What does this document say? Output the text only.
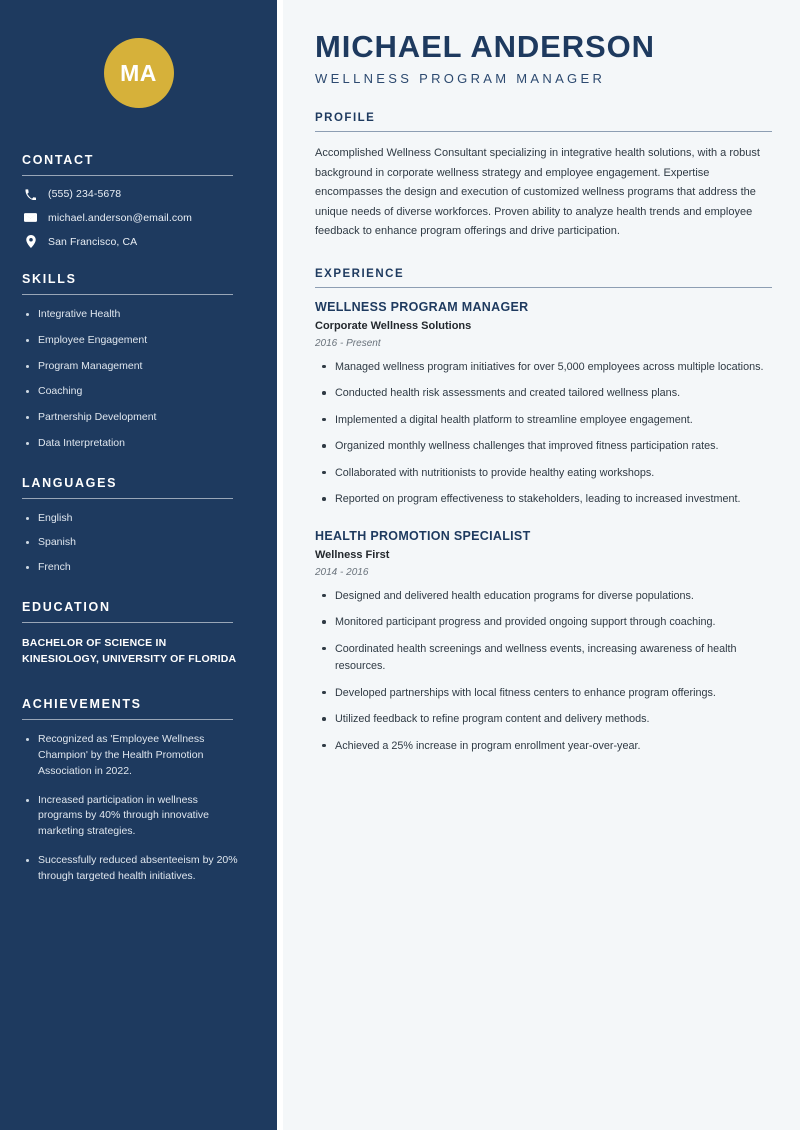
MA
CONTACT
(555) 234-5678
michael.anderson@email.com
San Francisco, CA
SKILLS
Integrative Health
Employee Engagement
Program Management
Coaching
Partnership Development
Data Interpretation
LANGUAGES
English
Spanish
French
EDUCATION
BACHELOR OF SCIENCE IN
KINESIOLOGY, UNIVERSITY OF FLORIDA
ACHIEVEMENTS
Recognized as 'Employee Wellness Champion' by the Health Promotion Association in 2022.
Increased participation in wellness programs by 40% through innovative marketing strategies.
Successfully reduced absenteeism by 20% through targeted health initiatives.
MICHAEL ANDERSON
WELLNESS PROGRAM MANAGER
PROFILE

Accomplished Wellness Consultant specializing in integrative health solutions, with a robust background in corporate wellness strategy and employee engagement. Expertise encompasses the design and execution of customized wellness programs that address the unique needs of diverse workforces. Proven ability to analyze health trends and employee feedback to enhance program offerings and drive participation.

EXPERIENCE
WELLNESS PROGRAM MANAGER
Corporate Wellness Solutions
2016 - Present
Managed wellness program initiatives for over 5,000 employees across multiple locations.
Conducted health risk assessments and created tailored wellness plans.
Implemented a digital health platform to streamline employee engagement.
Organized monthly wellness challenges that improved fitness participation rates.
Collaborated with nutritionists to provide healthy eating workshops.
Reported on program effectiveness to stakeholders, leading to increased investment.
HEALTH PROMOTION SPECIALIST
Wellness First
2014 - 2016
Designed and delivered health education programs for diverse populations.
Monitored participant progress and provided ongoing support through coaching.
Coordinated health screenings and wellness events, increasing awareness of health resources.
Developed partnerships with local fitness centers to enhance program offerings.
Utilized feedback to refine program content and delivery methods.
Achieved a 25% increase in program enrollment year-over-year.
